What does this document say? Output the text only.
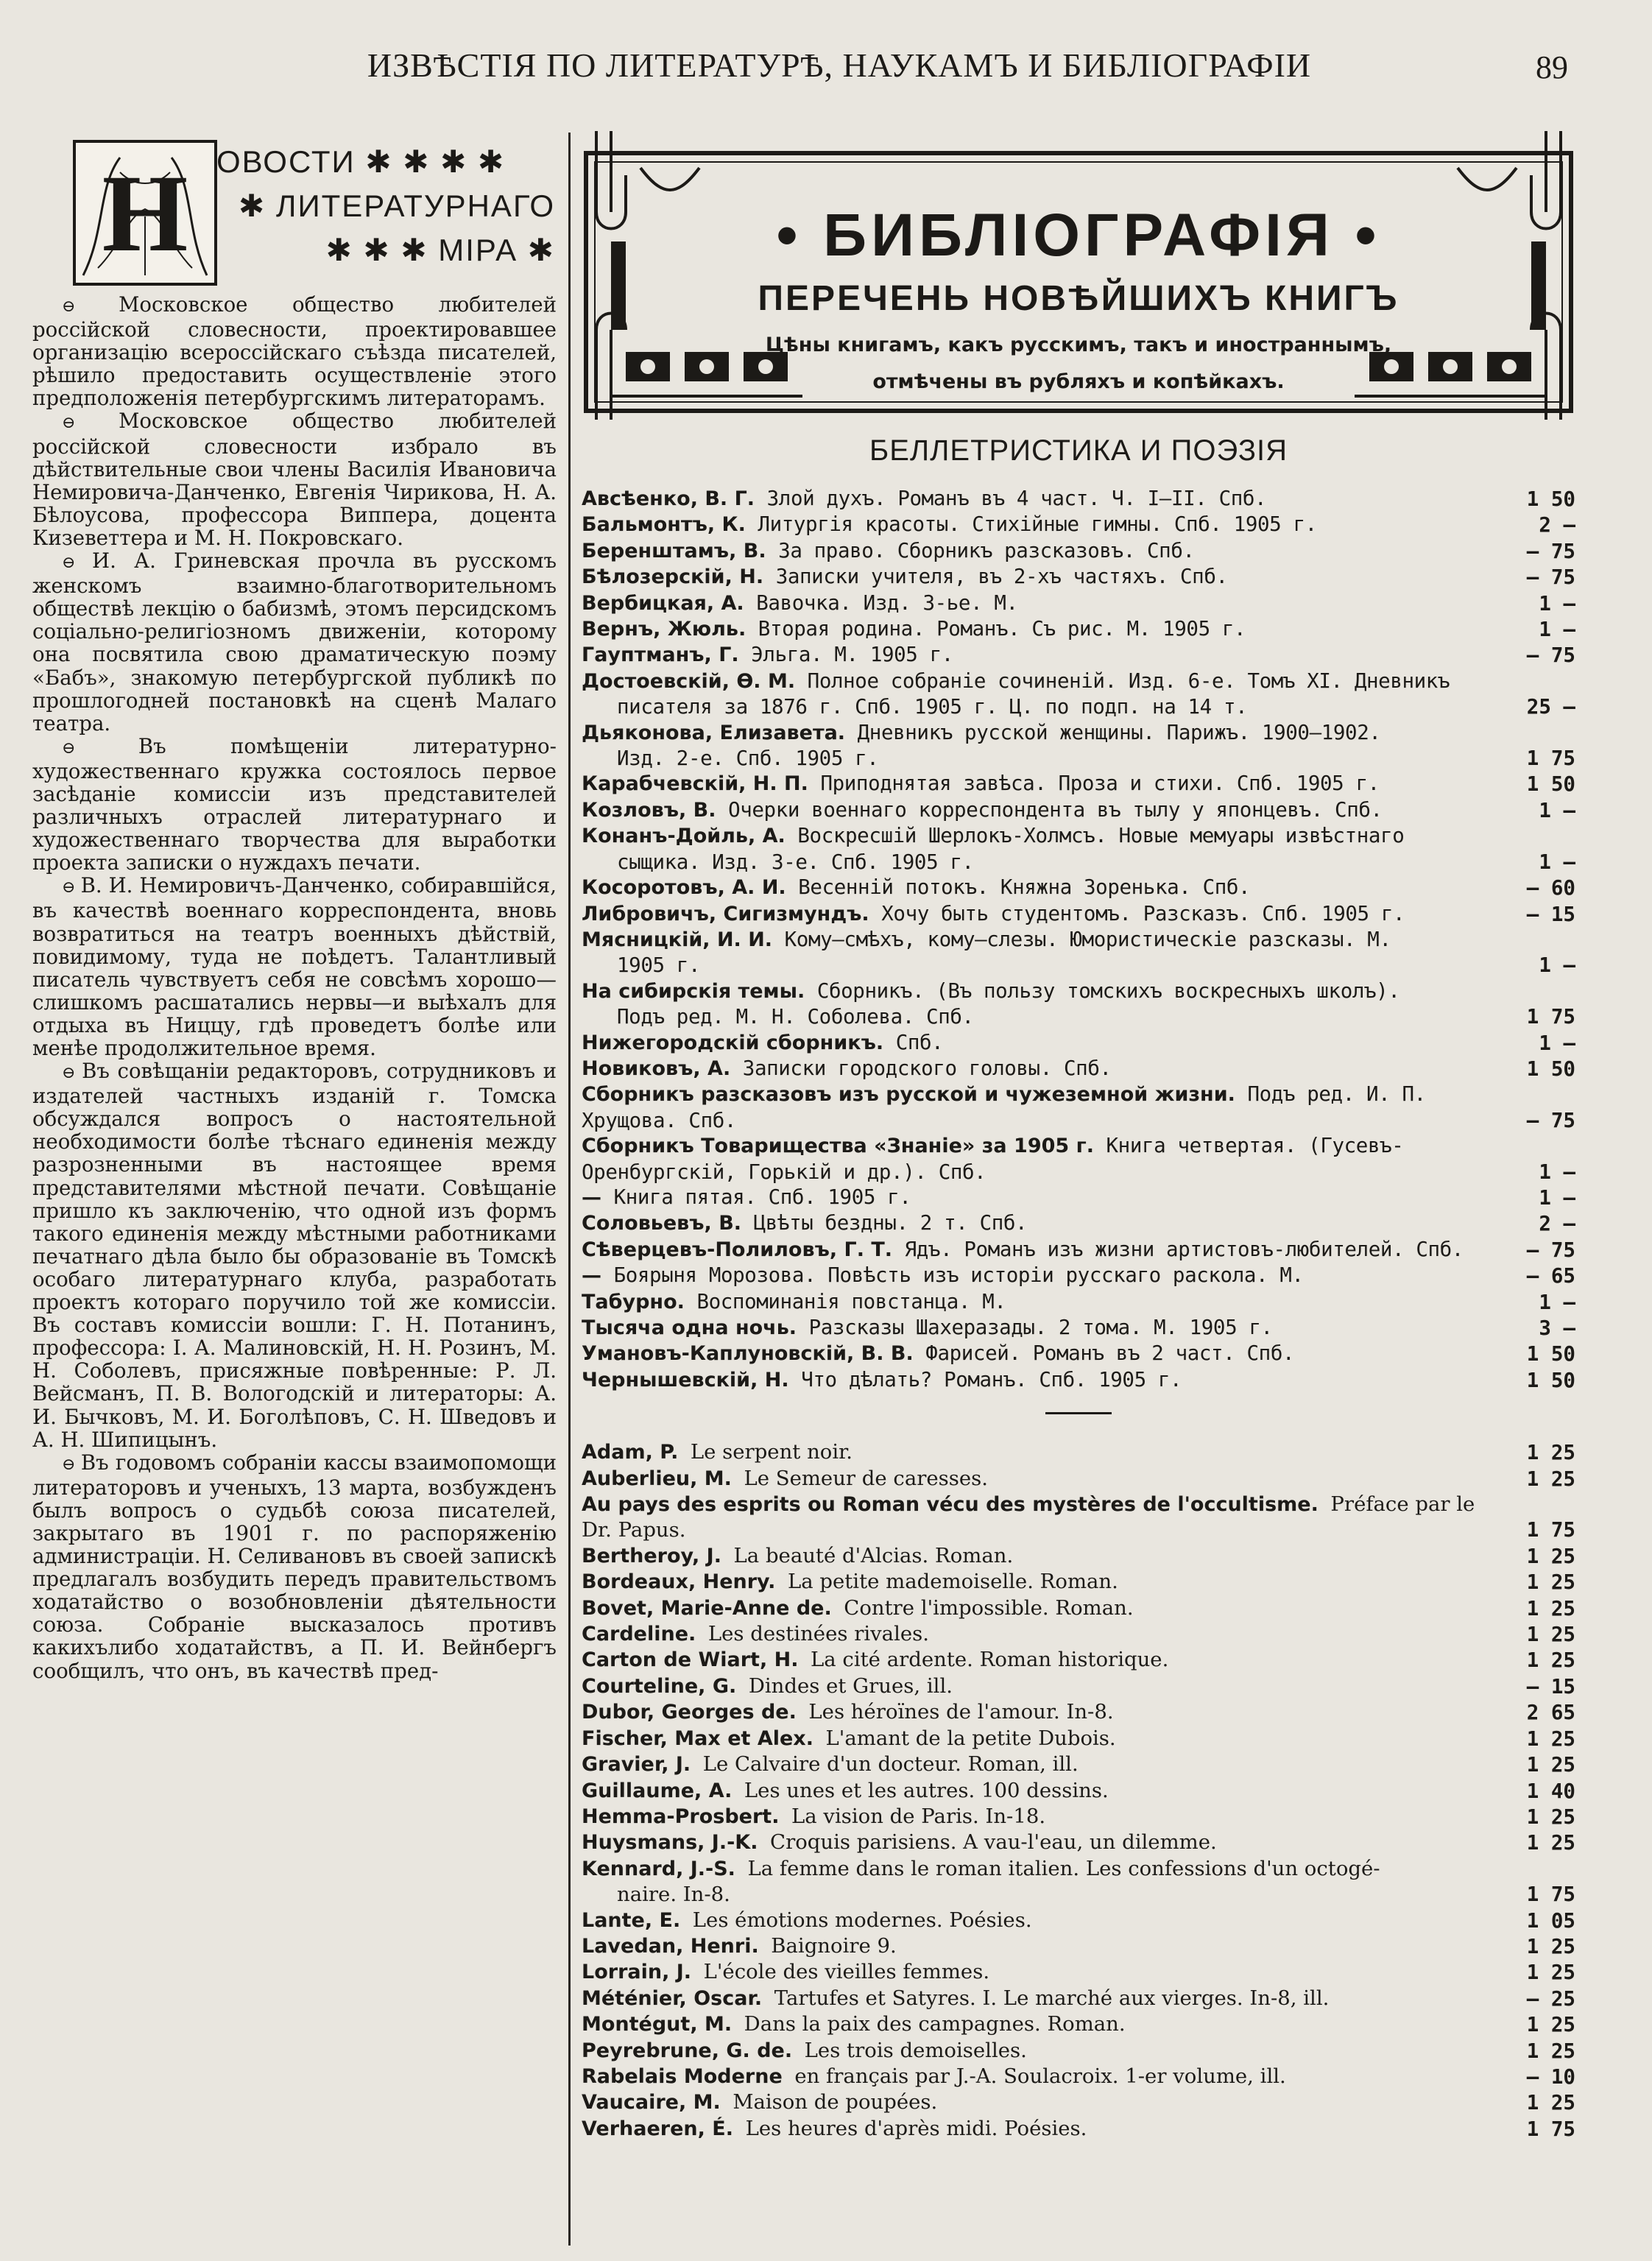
ИЗВѢСТІЯ ПО ЛИТЕРАТУРѢ, НАУКАМЪ И БИБЛІОГРАФІИ	89
Н ОВОСТИ ✱ ✱ ✱ ✱
✱ ЛИТЕРАТУРНАГО
✱ ✱ ✱ МІРА ✱

⊖ Московское общество любителей россійской словесности, проектировавшее организацію всероссійскаго съѣзда писателей, рѣшило предоставить осуществленіе этого предположенія петербургскимъ литераторамъ.

⊖ Московское общество любителей россійской словесности избрало въ дѣйствительные свои члены Василія Ивановича Немировича-Данченко, Евгенія Чирикова, Н. А. Бѣлоусова, профессора Виппера, доцента Кизеветтера и М. Н. Покровскаго.

⊖ И. А. Гриневская прочла въ русскомъ женскомъ взаимно-благотворительномъ обществѣ лекцію о бабизмѣ, этомъ персидскомъ соціально-религіозномъ движеніи, которому она посвятила свою драматическую поэму «Бабъ», знакомую петербургской публикѣ по прошлогодней постановкѣ на сценѣ Малаго театра.

⊖ Въ помѣщеніи литературно-художественнаго кружка состоялось первое засѣданіе комиссіи изъ представителей различныхъ отраслей литературнаго и художественнаго творчества для выработки проекта записки о нуждахъ печати.

⊖ В. И. Немировичъ-Данченко, собиравшійся, въ качествѣ военнаго корреспондента, вновь возвратиться на театръ военныхъ дѣйствій, повидимому, туда не поѣдетъ. Талантливый писатель чувствуетъ себя не совсѣмъ хорошо—слишкомъ расшатались нервы—и выѣхалъ для отдыха въ Ниццу, гдѣ проведетъ болѣе или менѣе продолжительное время.

⊖ Въ совѣщаніи редакторовъ, сотрудниковъ и издателей частныхъ изданій г. Томска обсуждался вопросъ о настоятельной необходимости болѣе тѣснаго единенія между разрозненными въ настоящее время представителями мѣстной печати. Совѣщаніе пришло къ заключенію, что одной изъ формъ такого единенія между мѣстными работниками печатнаго дѣла было бы образованіе въ Томскѣ особаго литературнаго клуба, разработать проектъ котораго поручило той же комиссіи. Въ составъ комиссіи вошли: Г. Н. Потанинъ, профессора: І. А. Малиновскій, Н. Н. Розинъ, М. Н. Соболевъ, присяжные повѣренные: Р. Л. Вейсманъ, П. В. Вологодскій и литераторы: А. И. Бычковъ, М. И. Боголѣповъ, С. Н. Шведовъ и А. Н. Шипицынъ.

⊖ Въ годовомъ собраніи кассы взаимопомощи литераторовъ и ученыхъ, 13 марта, возбужденъ былъ вопросъ о судьбѣ союза писателей, закрытаго въ 1901 г. по распоряженію администраціи. Н. Селивановъ въ своей запискѣ предлагалъ возбудить передъ правительствомъ ходатайство о возобновленіи дѣятельности союза. Собраніе высказалось противъ какихълибо ходатайствъ, а П. И. Вейнбергъ сообщилъ, что онъ, въ качествѣ пред-

• БИБЛІОГРАФІЯ •
ПЕРЕЧЕНЬ НОВѢЙШИХЪ КНИГЪ
Цѣны книгамъ, какъ русскимъ, такъ и иностраннымъ,
отмѣчены въ рубляхъ и копѣйкахъ.
БЕЛЛЕТРИСТИКА И ПОЭЗІЯ
Авсѣенко, В. Г. Злой духъ. Романъ въ 4 част. Ч. I—II. Спб.	1 50
Бальмонтъ, К. Литургія красоты. Стихійные гимны. Спб. 1905 г.	2 —
Беренштамъ, В. За право. Сборникъ разсказовъ. Спб.	— 75
Бѣлозерскій, Н. Записки учителя, въ 2-хъ частяхъ. Спб.	— 75
Вербицкая, А. Вавочка. Изд. 3-ье. М.	1 —
Вернъ, Жюль. Вторая родина. Романъ. Съ рис. М. 1905 г.	1 —
Гауптманъ, Г. Эльга. М. 1905 г.	— 75
Достоевскій, Ѳ. М. Полное собраніе сочиненій. Изд. 6-е. Томъ XI. Дневникъ
писателя за 1876 г. Спб. 1905 г. Ц. по подп. на 14 т.	25 —
Дьяконова, Елизавета. Дневникъ русской женщины. Парижъ. 1900—1902.
Изд. 2-е. Спб. 1905 г.	1 75
Карабчевскій, Н. П. Приподнятая завѣса. Проза и стихи. Спб. 1905 г.	1 50
Козловъ, В. Очерки военнаго корреспондента въ тылу у японцевъ. Спб.	1 —
Конанъ-Дойль, А. Воскресшій Шерлокъ-Холмсъ. Новые мемуары извѣстнаго
сыщика. Изд. 3-е. Спб. 1905 г.	1 —
Косоротовъ, А. И. Весенній потокъ. Княжна Зоренька. Спб.	— 60
Либровичъ, Сигизмундъ. Хочу быть студентомъ. Разсказъ. Спб. 1905 г.	— 15
Мясницкій, И. И. Кому—смѣхъ, кому—слезы. Юмористическіе разсказы. М.
1905 г.	1 —
На сибирскія темы. Сборникъ. (Въ пользу томскихъ воскресныхъ школъ).
Подъ ред. М. Н. Соболева. Спб.	1 75
Нижегородскій сборникъ. Спб.	1 —
Новиковъ, А. Записки городского головы. Спб.	1 50
Сборникъ разсказовъ изъ русской и чужеземной жизни. Подъ ред. И. П. Хрущова. Спб.	— 75
Сборникъ Товарищества «Знаніе» за 1905 г. Книга четвертая. (Гусевъ-Оренбургскій, Горькій и др.). Спб.	1 —
— Книга пятая. Спб. 1905 г.	1 —
Соловьевъ, В. Цвѣты бездны. 2 т. Спб.	2 —
Сѣверцевъ-Полиловъ, Г. Т. Ядъ. Романъ изъ жизни артистовъ-любителей. Спб.	— 75
— Боярыня Морозова. Повѣсть изъ исторіи русскаго раскола. М.	— 65
Табурно. Воспоминанія повстанца. М.	1 —
Тысяча одна ночь. Разсказы Шахеразады. 2 тома. М. 1905 г.	3 —
Умановъ-Каплуновскій, В. В. Фарисей. Романъ въ 2 част. Спб.	1 50
Чернышевскій, Н. Что дѣлать? Романъ. Спб. 1905 г.	1 50
Adam, P. Le serpent noir.	1 25
Auberlieu, M. Le Semeur de caresses.	1 25
Au pays des esprits ou Roman vécu des mystères de l'occultisme. Préface par le Dr. Papus.	1 75
Bertheroy, J. La beauté d'Alcias. Roman.	1 25
Bordeaux, Henry. La petite mademoiselle. Roman.	1 25
Bovet, Marie-Anne de. Contre l'impossible. Roman.	1 25
Cardeline. Les destinées rivales.	1 25
Carton de Wiart, H. La cité ardente. Roman historique.	1 25
Courteline, G. Dindes et Grues, ill.	— 15
Dubor, Georges de. Les héroïnes de l'amour. In-8.	2 65
Fischer, Max et Alex. L'amant de la petite Dubois.	1 25
Gravier, J. Le Calvaire d'un docteur. Roman, ill.	1 25
Guillaume, A. Les unes et les autres. 100 dessins.	1 40
Hemma-Prosbert. La vision de Paris. In-18.	1 25
Huysmans, J.-K. Croquis parisiens. A vau-l'eau, un dilemme.	1 25
Kennard, J.-S. La femme dans le roman italien. Les confessions d'un octogé-
naire. In-8.	1 75
Lante, E. Les émotions modernes. Poésies.	1 05
Lavedan, Henri. Baignoire 9.	1 25
Lorrain, J. L'école des vieilles femmes.	1 25
Méténier, Oscar. Tartufes et Satyres. I. Le marché aux vierges. In-8, ill.	— 25
Montégut, M. Dans la paix des campagnes. Roman.	1 25
Peyrebrune, G. de. Les trois demoiselles.	1 25
Rabelais Moderne en français par J.-A. Soulacroix. 1-er volume, ill.	— 10
Vaucaire, M. Maison de poupées.	1 25
Verhaeren, É. Les heures d'après midi. Poésies.	1 75
